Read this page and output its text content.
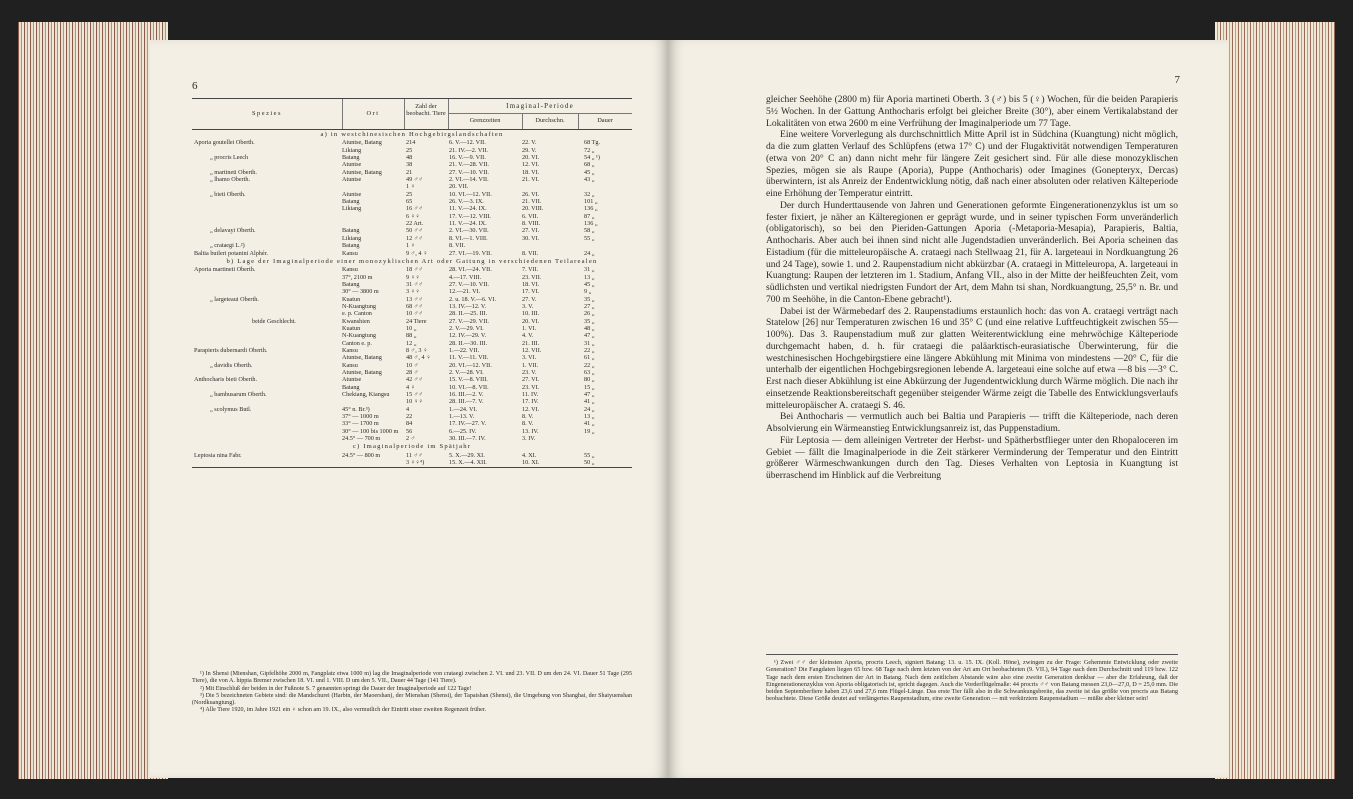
6
Spezies	Ort
Zahl der beobacht. Tiere
Imaginal-Periode
Grenzzeiten	Durchschn.	Dauer
a) in westchinesischen Hochgebirgslandschaften
Aporia goutellei Oberth.	Atuntse, Batang	214	6. V.—12. VII.	22. V.	68 Tg.
Likiang	25	21. IV.—2. VII.	29. V.	72 „
„ procris Leech	Batang	48	16. V.—9. VII.	20. VI.	54 „ ¹)
Atuntse	38	21. V.—28. VII.	12. VI.	68 „
„ martineti Oberth.	Atuntse, Batang	21	27. V.—10. VII.	18. VI.	45 „
„ lhamo Oberth.	Atuntse	49 ♂♂	2. VI.—14. VII.	21. VI.	43 „
1 ♀	20. VII.
„ bieti Oberth.	Atuntse	25	10. VI.—12. VII.	26. VI.	32 „
Batang	65	26. V.—3. IX.	21. VII.	101 „
Likiang	16 ♂♂	11. V.—24. IX.	20. VIII.	136 „
6 ♀♀	17. V.—12. VIII.	6. VII.	87 „
22 Art.	11. V.—24. IX.	8. VIII.	136 „
„ delavayi Oberth.	Batang	50 ♂♂	2. VI.—30. VII.	27. VI.	58 „
Likiang	12 ♂♂	8. VI.—1. VIII.	30. VI.	55 „
„ crataegi L.²)	Batang	1 ♀	8. VII.
Baltia butleri potanini Alphér.	Kansu	9 ♂, 4 ♀	27. VI.—19. VII.	8. VII.	24 „
b) Lage der Imaginalperiode einer monozyklischen Art oder Gattung in verschiedenen Teilarealen
Aporia martineti Oberth.	Kansu	18 ♂♂	28. VI.—24. VII.	7. VII.	31 „
37°, 2100 m	9 ♀♀	4.—17. VIII.	23. VII.	13 „
Batang	31 ♂♂	27. V.—10. VII.	18. VI.	45 „
30° — 3800 m	3 ♀♀	12.—21. VI.	17. VI.	9 „
„ largeteaui Oberth.	Kuatun	13 ♂♂	2. u. 18. V.—6. VI.	27. V.	35 „
N-Kuangtung	68 ♂♂	13. IV.—12. V.	3. V.	27 „
e. p. Canton	10 ♂♂	28. II.—25. III.	10. III.	26 „
beide Geschlecht.	Kwanshien	24 Tiere	27. V.—29. VII.	20. VI.	35 „
Kuatun	10 „	2. V.—29. VI.	1. VI.	48 „
N-Kuangtung	88 „	12. IV.—29. V.	4. V.	47 „
Canton e. p.	12 „	28. II.—30. III.	21. III.	31 „
Parapieris dubernardi Oberth.	Kansu	8 ♂, 3 ♀	1.—22. VII.	12. VII.	22 „
Atuntse, Batang	48 ♂, 4 ♀	11. V.—11. VII.	3. VI.	61 „
„ davidis Oberth.	Kansu	10 ♂	20. VI.—12. VII.	1. VII.	22 „
Atuntse, Batang	28 ♂	2. V.—28. VI.	23. V.	63 „
Anthocharis bieti Oberth.	Atuntse	42 ♂♂	15. V.—8. VIII.	27. VI.	80 „
Batang	4 ♀	10. VI.—8. VII.	23. VI.	15 „
„ bambusarum Oberth.	Chekiang, Kiangsu	15 ♂♂	16. III.—2. V.	11. IV.	47 „
10 ♀♀	28. III.—7. V.	17. IV.	41 „
„ scolymus Butl.	45° n. Br.³)	4	1.—24. VI.	12. VI.	24 „
37° — 1000 m	22	1.—13. V.	8. V.	13 „
33° — 1700 m	84	17. IV.—27. V.	8. V.	41 „
30° — 100 bis 1000 m	56	6.—25. IV.	13. IV.	19 „
24.5° — 700 m	2 ♂	30. III.—7. IV.	3. IV.
c) Imaginalperiode im Spätjahr
Leptosia nina Fabr.	24.5° — 800 m	11 ♂♂	5. X.—29. XI.	4. XI.	55 „
3 ♀♀⁴)	15. X.—4. XII.	10. XI.	50 „

¹) In Shensi (Mienshan, Gipfelhöhe 2000 m, Fangplatz etwa 1000 m) lag die Imaginalperiode von crataegi zwischen 2. VI. und 23. VII. D um den 24. VI. Dauer 51 Tage (295 Tiere), die von A. hippia Bremer zwischen 18. VI. und 1. VIII. D um den 5. VII., Dauer 44 Tage (141 Tiere).

²) Mit Einschluß der beiden in der Fußnote S. 7 genannten springt die Dauer der Imaginalperiode auf 122 Tage!

³) Die 5 bezeichneten Gebiete sind: die Mandschurei (Harbin, der Maoershan), der Mienshan (Shensi), der Tapaishan (Shensi), die Umgebung von Shanghai, der Shaiyuenshan (Nordkuangtung).

⁴) Alle Tiere 1920, im Jahre 1921 ein ♀ schon am 19. IX., also vermutlich der Eintritt einer zweiten Regenzeit früher.

7

gleicher Seehöhe (2800 m) für Aporia martineti Oberth. 3 (♂) bis 5 (♀) Wochen, für die beiden Parapieris 5½ Wochen. In der Gattung Anthocharis erfolgt bei gleicher Breite (30°), aber einem Vertikalabstand der Lokalitäten von etwa 2600 m eine Verfrühung der Imaginalperiode um 77 Tage.

Eine weitere Vorverlegung als durchschnittlich Mitte April ist in Südchina (Kuangtung) nicht möglich, da die zum glatten Verlauf des Schlüpfens (etwa 17° C) und der Flugaktivität notwendigen Temperaturen (etwa von 20° C an) dann nicht mehr für längere Zeit gesichert sind. Für alle diese monozyklischen Spezies, mögen sie als Raupe (Aporia), Puppe (Anthocharis) oder Imagines (Gonepteryx, Dercas) überwintern, ist als Anreiz der Endentwicklung nötig, daß nach einer absoluten oder relativen Kälteperiode eine Erhöhung der Temperatur eintritt.

Der durch Hunderttausende von Jahren und Generationen geformte Eingenerationenzyklus ist um so fester fixiert, je näher an Kälteregionen er geprägt wurde, und in seiner typischen Form unveränderlich (obligatorisch), so bei den Pieriden-Gattungen Aporia (-Metaporia-Mesapia), Parapieris, Baltia, Anthocharis. Aber auch bei ihnen sind nicht alle Jugendstadien unveränderlich. Bei Aporia scheinen das Eistadium (für die mitteleuropäische A. crataegi nach Stellwaag 21, für A. largeteaui in Nordkuangtung 26 und 24 Tage), sowie 1. und 2. Raupenstadium nicht abkürzbar (A. crataegi in Mitteleuropa, A. largeteaui in Kuangtung: Raupen der letzteren im 1. Stadium, Anfang VII., also in der Mitte der heißfeuchten Zeit, vom südlichsten und vertikal niedrigsten Fundort der Art, dem Mahn tsi shan, Nordkuangtung, 25,5° n. Br. und 700 m Seehöhe, in die Canton-Ebene gebracht¹).

Dabei ist der Wärmebedarf des 2. Raupenstadiums erstaunlich hoch: das von A. crataegi verträgt nach Statelow [26] nur Temperaturen zwischen 16 und 35° C (und eine relative Luftfeuchtigkeit zwischen 55—100%). Das 3. Raupenstadium muß zur glatten Weiterentwicklung eine mehrwöchige Kälteperiode durchgemacht haben, d. h. für crataegi die paläarktisch-eurasiatische Überwinterung, für die westchinesischen Hochgebirgstiere eine längere Abkühlung mit Minima von mindestens —20° C, für die unterhalb der eigentlichen Hochgebirgsregionen lebende A. largeteaui eine solche auf etwa —8 bis —3° C. Erst nach dieser Abkühlung ist eine Abkürzung der Jugendentwicklung durch Wärme möglich. Die nach ihr einsetzende Reaktionsbereitschaft gegenüber steigender Wärme zeigt die Tabelle des Entwicklungsverlaufs mitteleuropäischer A. crataegi S. 46.

Bei Anthocharis — vermutlich auch bei Baltia und Parapieris — trifft die Kälteperiode, nach deren Absolvierung ein Wärmeanstieg Entwicklungsanreiz ist, das Puppenstadium.

Für Leptosia — dem alleinigen Vertreter der Herbst- und Spätherbstflieger unter den Rhopaloceren im Gebiet — fällt die Imaginalperiode in die Zeit stärkerer Verminderung der Temperatur und den Eintritt größerer Wärmeschwankungen durch den Tag. Dieses Verhalten von Leptosia in Kuangtung ist überraschend im Hinblick auf die Verbreitung

¹) Zwei ♂♂ der kleinsten Aporia, procris Leech, signiert Batang; 13. u. 15. IX. (Koll. Höne), zwingen zu der Frage: Gehemmte Entwicklung oder zweite Generation? Die Fangdaten liegen 65 bzw. 68 Tage nach dem letzten von der Art am Ort beobachteten (9. VII.), 94 Tage nach dem Durchschnitt und 119 bzw. 122 Tage nach dem ersten Erscheinen der Art in Batang. Nach dem zeitlichen Abstande wäre also eine zweite Generation denkbar — aber die Erfahrung, daß der Eingenerationenzyklus von Aporia obligatorisch ist, spricht dagegen. Auch die Vorderflügelmaße: 44 procris ♂♂ von Batang messen 23,0—27,0, D = 25,0 mm. Die beiden Septemberfiere haben 23,6 und 27,6 mm Flügel-Länge. Das erste Tier fällt also in die Schwankungsbreite, das zweite ist das größte von procris aus Batang beobachtete. Diese Größe deutet auf verlängertes Raupenstadium, eine zweite Generation — mit verkürztem Raupenstadium — müßte aber kleiner sein!
